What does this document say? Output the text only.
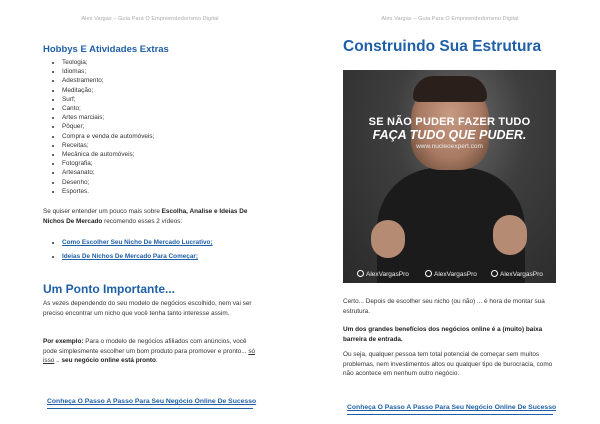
Alex Vargas – Guia Para O Empreendedorismo Digital
Hobbys E Atividades Extras
• Teologia;
• Idiomas;
• Adestramento;
• Meditação;
• Surf;
• Canto;
• Artes marciais;
• Pôquer;
• Compra e venda de automóveis;
• Receitas;
• Mecânica de automóveis;
• Fotografia;
• Artesanato;
• Desenho;
• Esportes.

Se quiser entender um pouco mais sobre Escolha, Analise e Ideias De Nichos De Mercado recomendo esses 2 vídeos:

• Como Escolher Seu Nicho De Mercado Lucrativo;
• Ideias De Nichos De Mercado Para Começar;
Um Ponto Importante...

As vezes dependendo do seu modelo de negócios escolhido, nem vai ser preciso encontrar um nicho que você tenha tanto interesse assim.

Por exemplo: Para o modelo de negócios afiliados com anúncios, você pode simplesmente escolher um bom produto para promover e pronto... só isso .. seu negócio online está pronto.

Conheça O Passo A Passo Para Seu Negócio Online De Sucesso
Alex Vargas – Guia Para O Empreendedorismo Digital
Construindo Sua Estrutura
SE NÃO PUDER FAZER TUDO
FAÇA TUDO QUE PUDER.
www.nucleoexpert.com
AlexVargasPro	AlexVargasPro	AlexVargasPro

Certo... Depois de escolher seu nicho (ou não) ... é hora de montar sua estrutura.

Um dos grandes benefícios dos negócios online é a (muito) baixa barreira de entrada.

Ou seja, qualquer pessoa tem total potencial de começar sem muitos problemas, nem investimentos altos ou qualquer tipo de burocracia, como não acontece em nenhum outro negócio.

Conheça O Passo A Passo Para Seu Negócio Online De Sucesso
